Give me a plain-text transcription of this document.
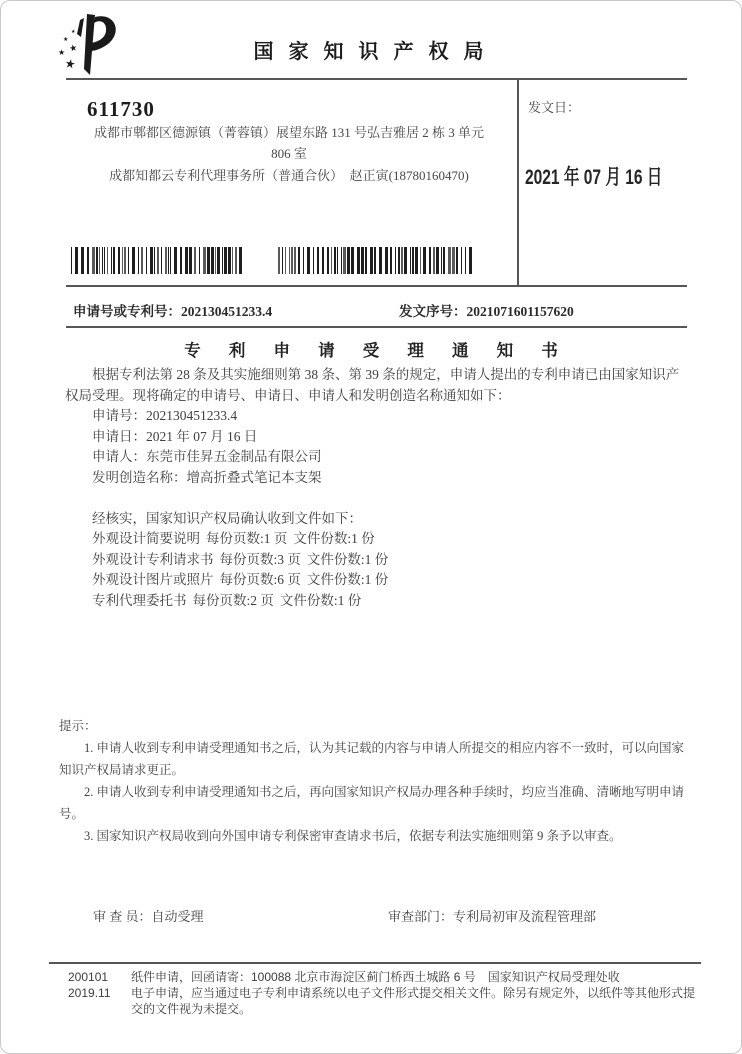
★
★
★
★
★
国 家 知 识 产 权 局
611730
成都市郫都区德源镇（菁蓉镇）展望东路 131 号弘吉雅居 2 栋 3 单元
806 室
成都知都云专利代理事务所（普通合伙）　赵正寅(18780160470)
发文日：
2021 年 07 月 16 日
申请号或专利号：202130451233.4	发文序号：2021071601157620
专 利 申 请 受 理 通 知 书

根据专利法第 28 条及其实施细则第 38 条、第 39 条的规定，申请人提出的专利申请已由国家知识产权局受理。现将确定的申请号、申请日、申请人和发明创造名称通知如下：

申请号：202130451233.4

申请日：2021 年 07 月 16 日

申请人：东莞市佳昇五金制品有限公司

发明创造名称：增高折叠式笔记本支架

经核实，国家知识产权局确认收到文件如下：

外观设计简要说明 每份页数:1 页 文件份数:1 份

外观设计专利请求书 每份页数:3 页 文件份数:1 份

外观设计图片或照片 每份页数:6 页 文件份数:1 份

专利代理委托书 每份页数:2 页 文件份数:1 份

提示：

1. 申请人收到专利申请受理通知书之后，认为其记载的内容与申请人所提交的相应内容不一致时，可以向国家知识产权局请求更正。

2. 申请人收到专利申请受理通知书之后，再向国家知识产权局办理各种手续时，均应当准确、清晰地写明申请号。

3. 国家知识产权局收到向外国申请专利保密审查请求书后，依据专利法实施细则第 9 条予以审查。

审 查 员：自动受理	审查部门：专利局初审及流程管理部
200101	纸件申请，回函请寄：100088 北京市海淀区蓟门桥西土城路 6 号　国家知识产权局受理处收
2019.11	电子申请，应当通过电子专利申请系统以电子文件形式提交相关文件。除另有规定外，以纸件等其他形式提交的文件视为未提交。
